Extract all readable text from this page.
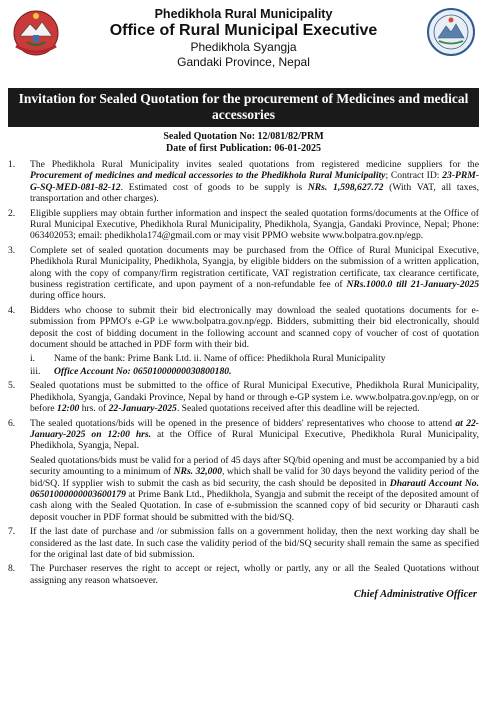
Phedikhola Rural Municipality
Office of Rural Municipal Executive
Phedikhola Syangja
Gandaki Province, Nepal
Invitation for Sealed Quotation for the procurement of Medicines and medical accessories
Sealed Quotation No: 12/081/82/PRM
Date of first Publication: 06-01-2025
1. The Phedikhola Rural Municipality invites sealed quotations from registered medicine suppliers for the Procurement of medicines and medical accessories to the Phedikhola Rural Municipality; Contract ID: 23-PRM-G-SQ-MED-081-82-12. Estimated cost of goods to be supply is NRs. 1,598,627.72 (With VAT, all taxes, transportation and other charges).
2. Eligible suppliers may obtain further information and inspect the sealed quotation forms/documents at the Office of Rural Municipal Executive, Phedikhola Rural Municipality, Phedikhola, Syangja, Gandaki Province, Nepal; Phone: 063402053; email: phedikhola174@gmail.com or may visit PPMO website www.bolpatra.gov.np/egp.
3. Complete set of sealed quotation documents may be purchased from the Office of Rural Municipal Executive, Phedikhola Rural Municipality, Phedikhola, Syangja, by eligible bidders on the submission of a written application, along with the copy of company/firm registration certificate, VAT registration certificate, tax clearance certificate, business registration certificate, and upon payment of a non-refundable fee of NRs.1000.0 till 21-January-2025 during office hours.
4. Bidders who choose to submit their bid electronically may download the sealed quotations documents for e-submission from PPMO's e-GP i.e www.bolpatra.gov.np/egp. Bidders, submitting their bid electronically, should deposit the cost of bidding document in the following account and scanned copy of voucher of cost of quotation document should be attached in PDF form with their bid.
i. Name of the bank: Prime Bank Ltd. ii. Name of office: Phedikhola Rural Municipality
iii. Office Account No: 06501000000030800180.
5. Sealed quotations must be submitted to the office of Rural Municipal Executive, Phedikhola Rural Municipality, Phedikhola, Syangja, Gandaki Province, Nepal by hand or through e-GP system i.e. www.bolpatra.gov.np/egp, on or before 12:00 hrs. of 22-January-2025. Sealed quotations received after this deadline will be rejected.
6. The sealed quotations/bids will be opened in the presence of bidders' representatives who choose to attend at 22-January-2025 on 12:00 hrs. at the Office of Rural Municipal Executive, Phedikhola Rural Municipality, Phedikhola, Syangja, Nepal.

Sealed quotations/bids must be valid for a period of 45 days after SQ/bid opening and must be accompanied by a bid security amounting to a minimum of NRs. 32,000, which shall be valid for 30 days beyond the validity period of the bid/SQ. If sypplier wish to submit the cash as bid security, the cash should be deposited in Dharauti Account No. 06501000000003600179 at Prime Bank Ltd., Phedikhola, Syangja and submit the receipt of the deposited amount of cash along with the Sealed Quotation. In case of e-submission the scanned copy of bid security or Dharauti cash deposit voucher in PDF format should be submitted with the bid/SQ.

7. If the last date of purchase and /or submission falls on a government holiday, then the next working day shall be considered as the last date. In such case the validity period of the bid/SQ security shall remain the same as specified for the original last date of bid submission.
8. The Purchaser reserves the right to accept or reject, wholly or partly, any or all the Sealed Quotations without assigning any reason whatsoever.
Chief Administrative Officer
